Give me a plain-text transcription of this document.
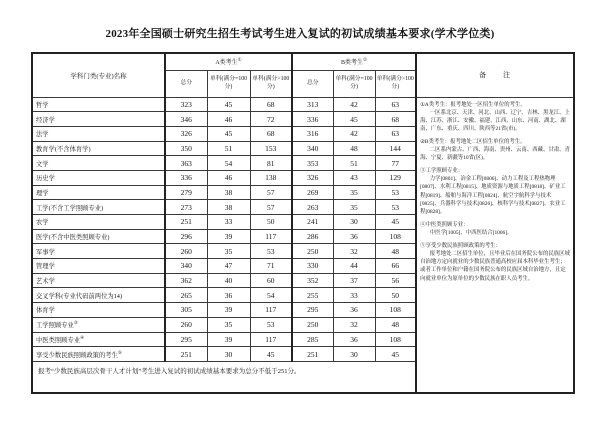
2023年全国硕士研究生招生考试考生进入复试的初试成绩基本要求(学术学位类)
学科门类(专业)名称	A类考生①			B类考生②			备　　注
	总分	单科(满分=100分)	单科(满分>100分)	总分	单科(满分=100分)	单科(满分>100分)	
哲学	323	45	68	313	42	63	①A类考生：报考地处一区招生单位的考生。
一区系北京、天津、河北、山西、辽宁、吉林、黑龙江、上海、江苏、浙江、安徽、福建、江西、山东、河南、湖北、湖南、广东、重庆、四川、陕西等21省(市)。
②B类考生：报考地处二区招生单位的考生。
二区系内蒙古、广西、海南、贵州、云南、西藏、甘肃、青海、宁夏、新疆等10省(区)。
③工学照顾专业：
力学[0801]、冶金工程[0806]、动力工程及工程热物理[0807]、水利工程[0815]、地质资源与地质工程[0818]、矿业工程[0819]、船舶与海洋工程[0824]、航空宇航科学与技术[0825]、兵器科学与技术[0826]、核科学与技术[0827]、农业工程[0828]。
④中医类照顾专业：
中医学[1005]、中西医结合[1006]。
⑤享受少数民族照顾政策的考生：
报考地处二区招生单位，且毕业后在国务院公布的民族区域自治地方定向就业的少数民族普通高校应届本科毕业生考生；或者工作单位和户籍在国务院公布的民族区域自治地方，且定向就业单位为原单位的少数民族在职人员考生。

经济学	346	46	72	336	45	68	
法学	326	45	68	316	42	63	
教育学(不含体育学)	350	51	153	340	48	144	
文学	363	54	81	353	51	77	
历史学	336	46	138	326	43	129	
理学	279	38	57	269	35	53	
工学(不含工学照顾专业)	273	38	57	263	35	53	
农学	251	33	50	241	30	45	
医学(不含中医类照顾专业)	296	39	117	286	36	108	
军事学	260	35	53	250	32	48	
管理学	340	47	71	330	44	66	
艺术学	362	40	60	352	37	56	
交叉学科(专业代码前两位为14)	265	36	54	255	33	50	
体育学	305	39	117	295	36	108	
工学照顾专业③	260	35	53	250	32	48	
中医类照顾专业④	295	39	117	285	36	108	
享受少数民族照顾政策的考生⑤	251	30	45	251	30	45	
报考“少数民族高层次骨干人才计划”考生进入复试的初试成绩基本要求为总分不低于251分。							
